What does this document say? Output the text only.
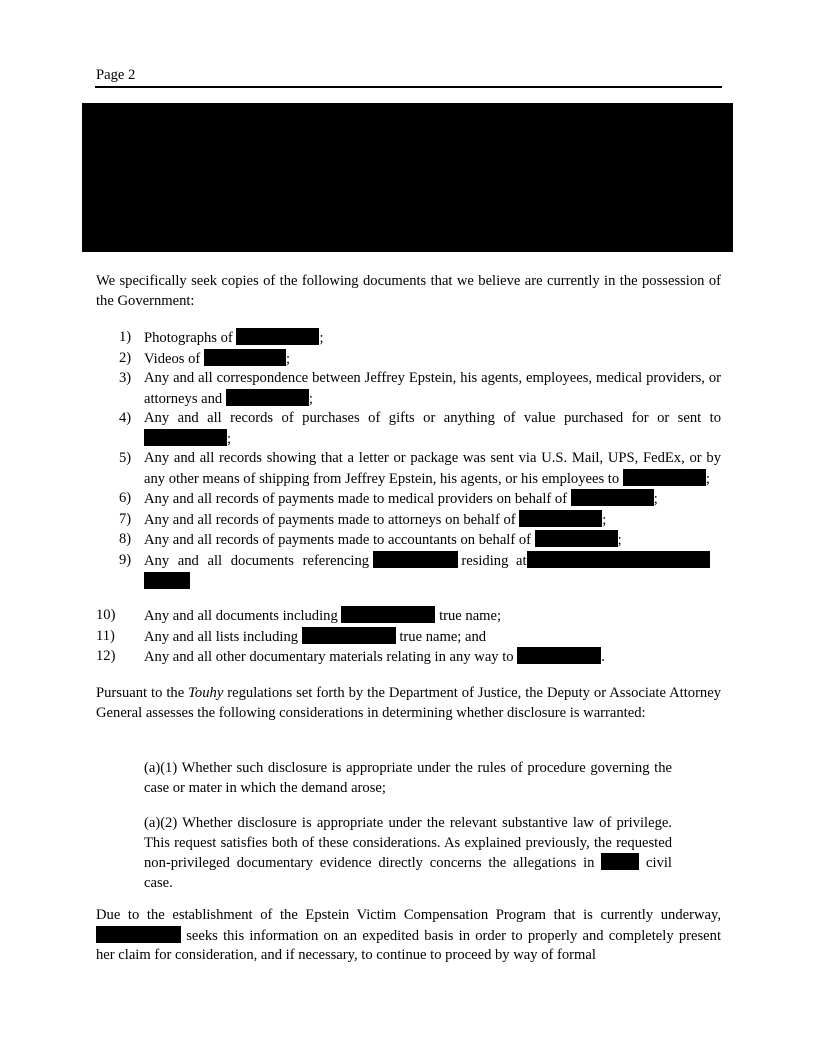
Page 2
We specifically seek copies of the following documents that we believe are currently in the possession of the Government:
1) Photographs of	;
2) Videos of	;
3) Any and all correspondence between Jeffrey Epstein, his agents, employees, medical providers, or attorneys and	;
4) Any and all records of purchases of gifts or anything of value purchased for or sent to ;
5) Any and all records showing that a letter or package was sent via U.S. Mail, UPS, FedEx, or by any other means of shipping from Jeffrey Epstein, his agents, or his employees to	;
6) Any and all records of payments made to medical providers on behalf of	;
7) Any and all records of payments made to attorneys on behalf of	;
8) Any and all records of payments made to accountants on behalf of	;
9) Any and all documents referencing	residing at
10) Any and all documents including	true name;
11) Any and all lists including	true name; and
12) Any and all other documentary materials relating in any way to	.
Pursuant to the Touhy regulations set forth by the Department of Justice, the Deputy or Associate Attorney General assesses the following considerations in determining whether disclosure is warranted:
(a)(1) Whether such disclosure is appropriate under the rules of procedure governing the case or mater in which the demand arose;
(a)(2) Whether disclosure is appropriate under the relevant substantive law of privilege. This request satisfies both of these considerations. As explained previously, the requested non-privileged documentary evidence directly concerns the allegations in	civil case.
Due to the establishment of the Epstein Victim Compensation Program that is currently underway,  seeks this information on an expedited basis in order to properly and completely present her claim for consideration, and if necessary, to continue to proceed by way of formal
